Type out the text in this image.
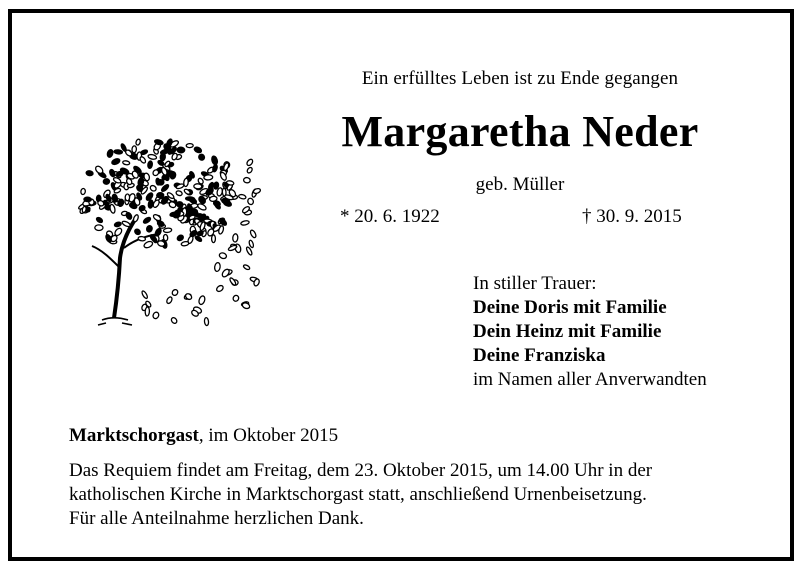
Ein erfülltes Leben ist zu Ende gegangen
Margaretha Neder
geb. Müller
* 20. 6. 1922	† 30. 9. 2015
In stiller Trauer:
Deine Doris mit Familie
Dein Heinz mit Familie
Deine Franziska
im Namen aller Anverwandten
Marktschorgast, im Oktober 2015
Das Requiem findet am Freitag, dem 23. Oktober 2015, um 14.00 Uhr in der
katholischen Kirche in Marktschorgast statt, anschließend Urnenbeisetzung.
Für alle Anteilnahme herzlichen Dank.
